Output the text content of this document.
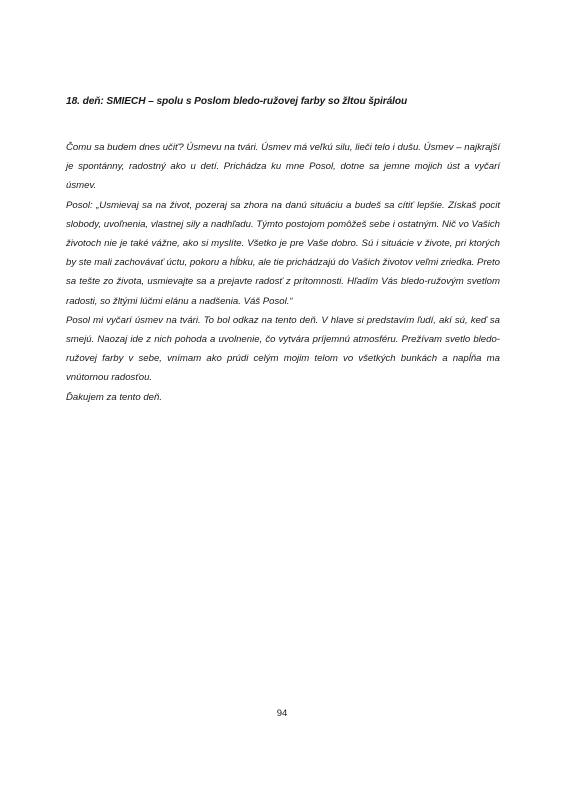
18. deň: SMIECH – spolu s Poslom bledo-ružovej farby so žltou špirálou

Čomu sa budem dnes učiť? Úsmevu na tvári. Úsmev má veľkú silu, lieči telo i dušu. Úsmev – najkrajší je spontánny, radostný ako u detí. Prichádza ku mne Posol, dotne sa jemne mojich úst a vyčarí úsmev.

Posol: „Usmievaj sa na život, pozeraj sa zhora na danú situáciu a budeš sa cítiť lepšie. Získaš pocit slobody, uvoľnenia, vlastnej sily a nadhľadu. Týmto postojom pomôžeš sebe i ostatným. Nič vo Vašich životoch nie je také vážne, ako si myslíte. Všetko je pre Vaše dobro. Sú i situácie v živote, pri ktorých by ste mali zachovávať úctu, pokoru a hĺbku, ale tie prichádzajú do Vašich životov veľmi zriedka. Preto sa tešte zo života, usmievajte sa a prejavte radosť z prítomnosti. Hľadím Vás bledo-ružovým svetlom radosti, so žltými lúčmi elánu a nadšenia. Váš Posol.“

Posol mi vyčarí úsmev na tvári. To bol odkaz na tento deň. V hlave si predstavím ľudí, akí sú, keď sa smejú. Naozaj ide z nich pohoda a uvolnenie, čo vytvára príjemnú atmosféru. Prežívam svetlo bledo-ružovej farby v sebe, vnímam ako prúdi celým mojim telom vo všetkých bunkách a napĺňa ma vnútornou radosťou.

Ďakujem za tento deň.

94
